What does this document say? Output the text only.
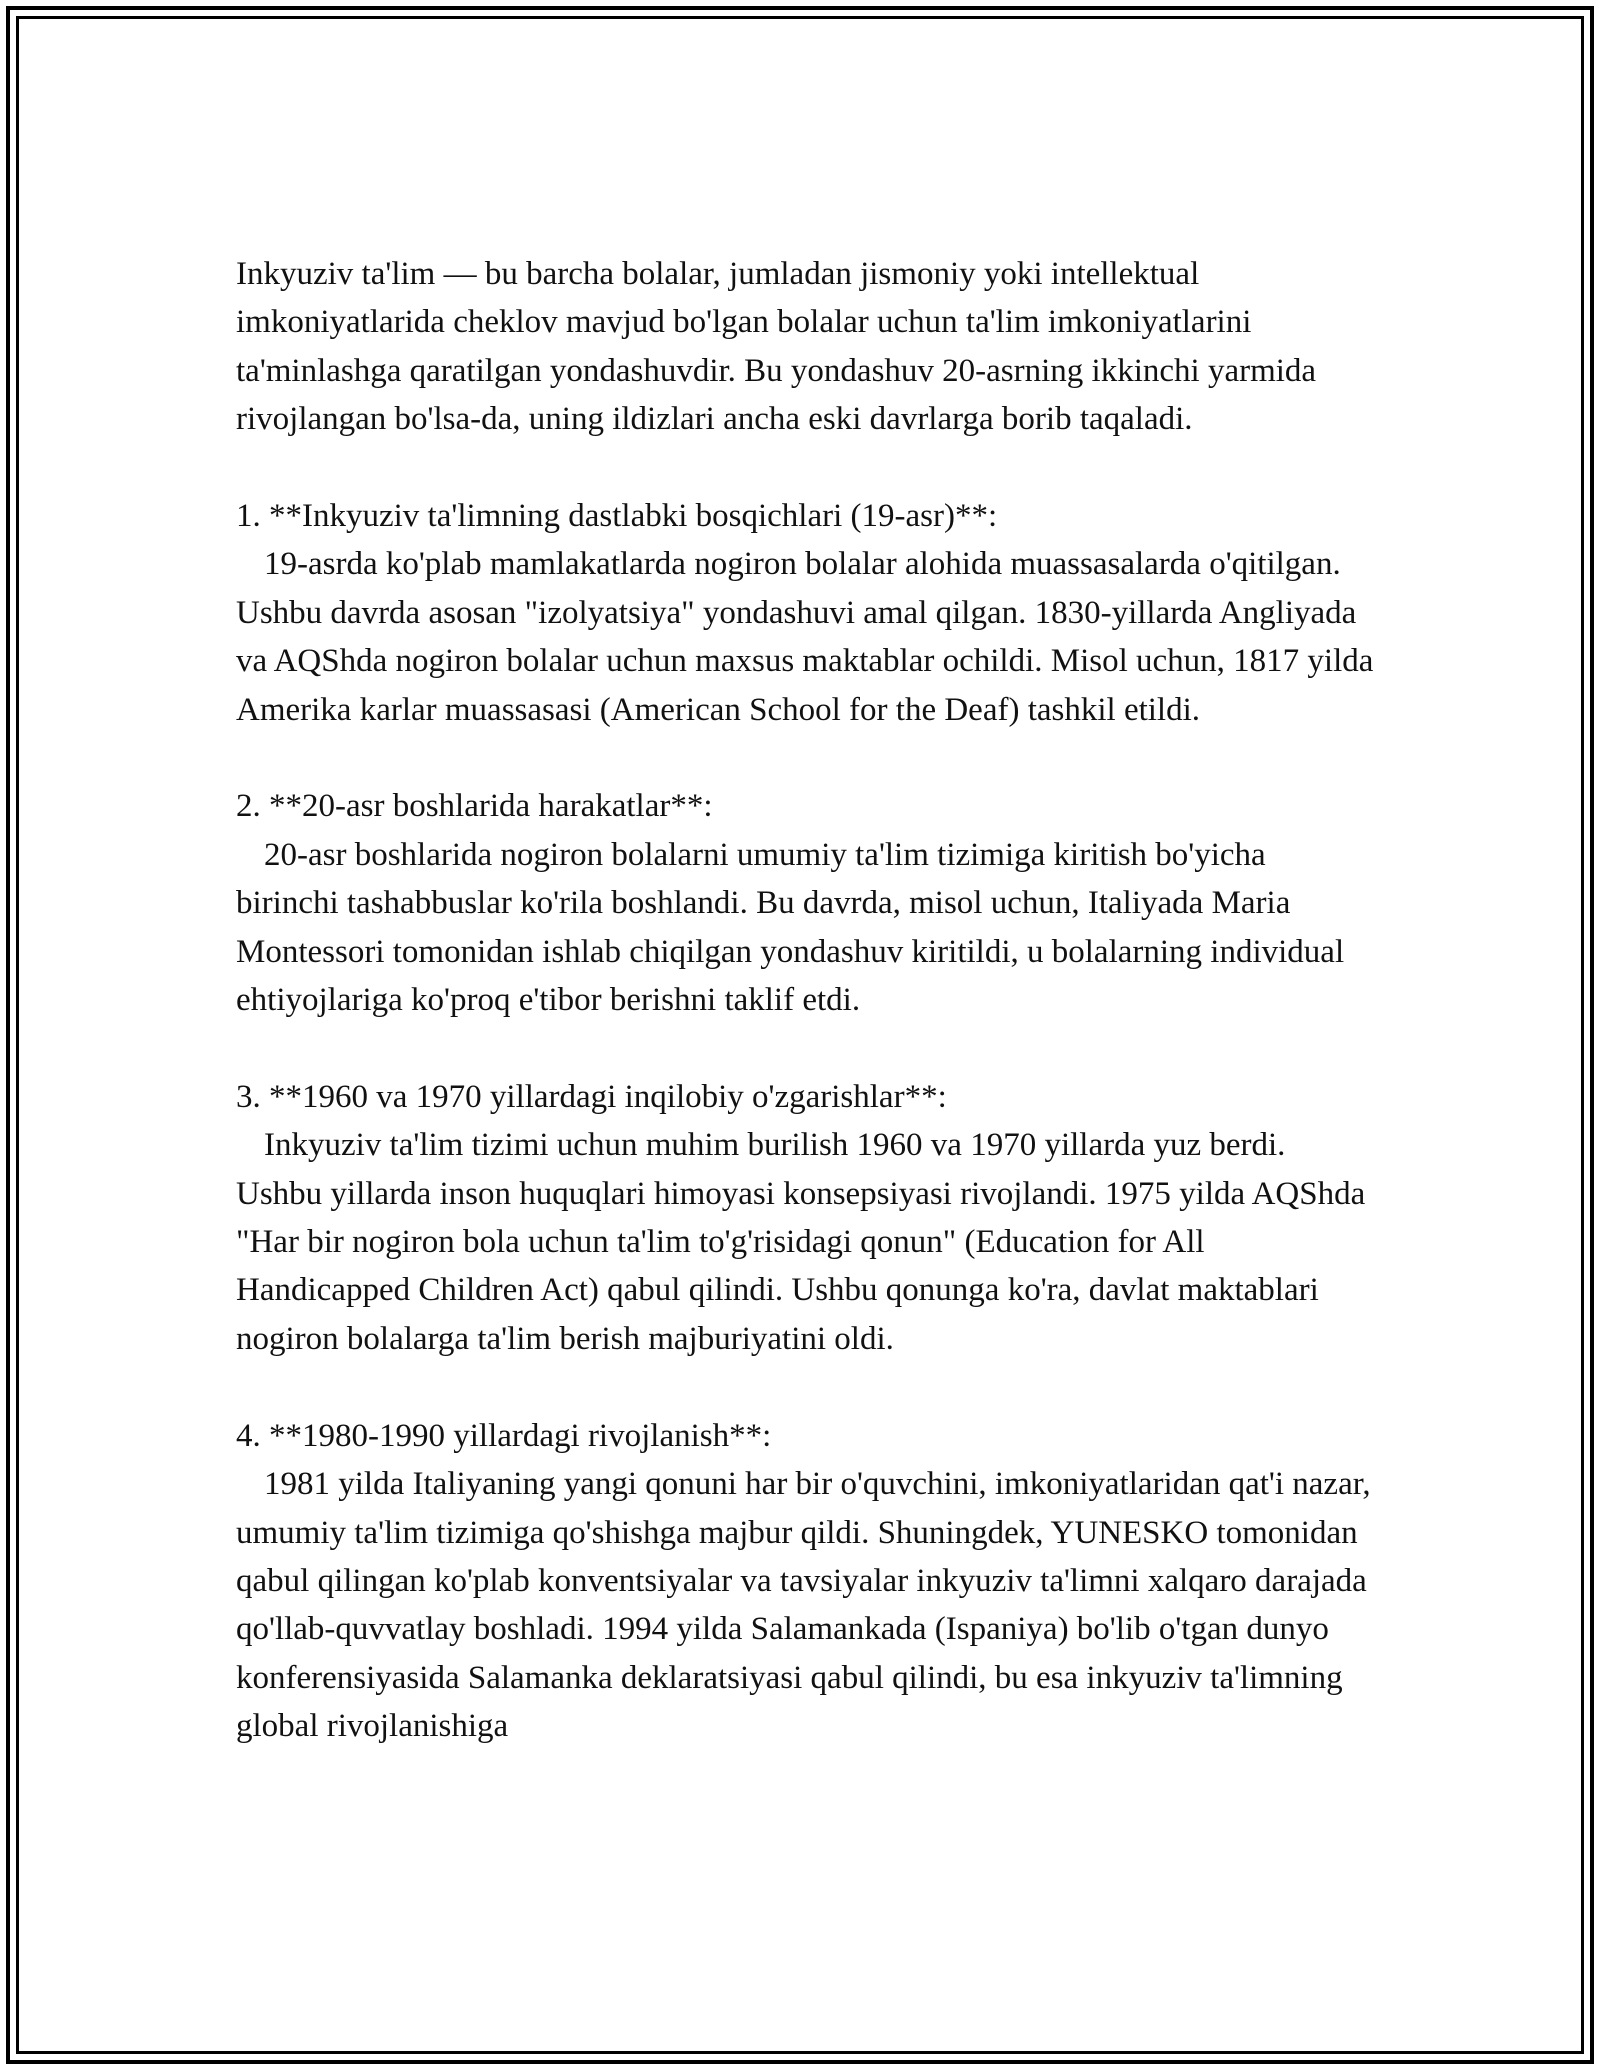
Inkyuziv ta'lim — bu barcha bolalar, jumladan jismoniy yoki intellektual imkoniyatlarida cheklov mavjud bo'lgan bolalar uchun ta'lim imkoniyatlarini ta'minlashga qaratilgan yondashuvdir. Bu yondashuv 20-asrning ikkinchi yarmida rivojlangan bo'lsa-da, uning ildizlari ancha eski davrlarga borib taqaladi.

1. **Inkyuziv ta'limning dastlabki bosqichlari (19-asr)**:

19-asrda ko'plab mamlakatlarda nogiron bolalar alohida muassasalarda o'qitilgan. Ushbu davrda asosan "izolyatsiya" yondashuvi amal qilgan. 1830-yillarda Angliyada va AQShda nogiron bolalar uchun maxsus maktablar ochildi. Misol uchun, 1817 yilda Amerika karlar muassasasi (American School for the Deaf) tashkil etildi.

2. **20-asr boshlarida harakatlar**:

20-asr boshlarida nogiron bolalarni umumiy ta'lim tizimiga kiritish bo'yicha birinchi tashabbuslar ko'rila boshlandi. Bu davrda, misol uchun, Italiyada Maria Montessori tomonidan ishlab chiqilgan yondashuv kiritildi, u bolalarning individual ehtiyojlariga ko'proq e'tibor berishni taklif etdi.

3. **1960 va 1970 yillardagi inqilobiy o'zgarishlar**:

Inkyuziv ta'lim tizimi uchun muhim burilish 1960 va 1970 yillarda yuz berdi. Ushbu yillarda inson huquqlari himoyasi konsepsiyasi rivojlandi. 1975 yilda AQShda "Har bir nogiron bola uchun ta'lim to'g'risidagi qonun" (Education for All Handicapped Children Act) qabul qilindi. Ushbu qonunga ko'ra, davlat maktablari nogiron bolalarga ta'lim berish majburiyatini oldi.

4. **1980-1990 yillardagi rivojlanish**:

1981 yilda Italiyaning yangi qonuni har bir o'quvchini, imkoniyatlaridan qat'i nazar, umumiy ta'lim tizimiga qo'shishga majbur qildi. Shuningdek, YUNESKO tomonidan qabul qilingan ko'plab konventsiyalar va tavsiyalar inkyuziv ta'limni xalqaro darajada qo'llab-quvvatlay boshladi. 1994 yilda Salamankada (Ispaniya) bo'lib o'tgan dunyo konferensiyasida Salamanka deklaratsiyasi qabul qilindi, bu esa inkyuziv ta'limning global rivojlanishiga
